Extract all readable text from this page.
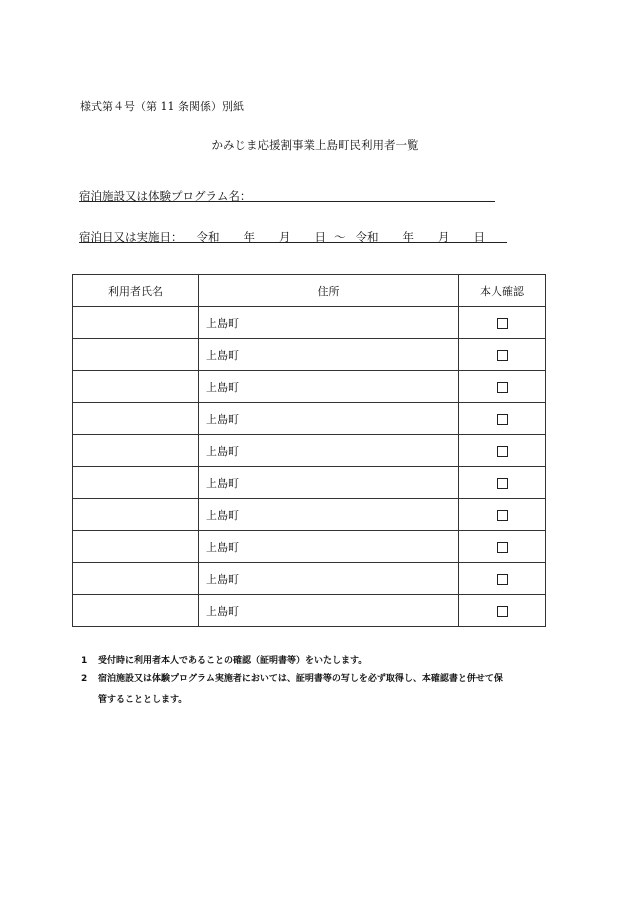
様式第４号（第 11 条関係）別紙
かみじま応援割事業上島町民利用者一覧
宿泊施設又は体験プログラム名：
宿泊日又は実施日： 令和 年 月 日 ～ 令和 年 月 日
利用者氏名	住所	本人確認
	上島町	
	上島町	
	上島町	
	上島町	
	上島町	
	上島町	
	上島町	
	上島町	
	上島町	
	上島町	
1 受付時に利用者本人であることの確認（証明書等）をいたします。
2 宿泊施設又は体験プログラム実施者においては、証明書等の写しを必ず取得し、本確認書と併せて保
管することとします。
